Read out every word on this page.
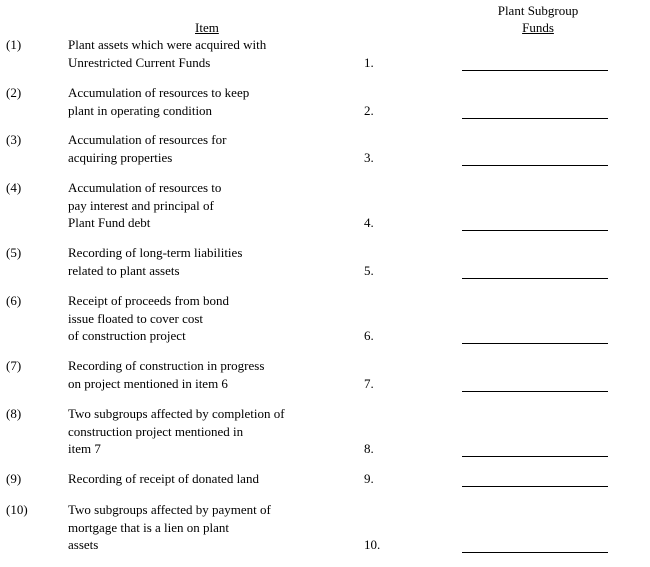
Item
Plant Subgroup
Funds
(1)	Plant assets which were acquired with
Unrestricted Current Funds	1.
(2)	Accumulation of resources to keep
plant in operating condition	2.
(3)	Accumulation of resources for
acquiring properties	3.
(4)	Accumulation of resources to
pay interest and principal of
Plant Fund debt	4.
(5)	Recording of long-term liabilities
related to plant assets	5.
(6)	Receipt of proceeds from bond
issue floated to cover cost
of construction project	6.
(7)	Recording of construction in progress
on project mentioned in item 6	7.
(8)	Two subgroups affected by completion of
construction project mentioned in
item 7	8.
(9)	Recording of receipt of donated land	9.
(10)	Two subgroups affected by payment of
mortgage that is a lien on plant
assets	10.
